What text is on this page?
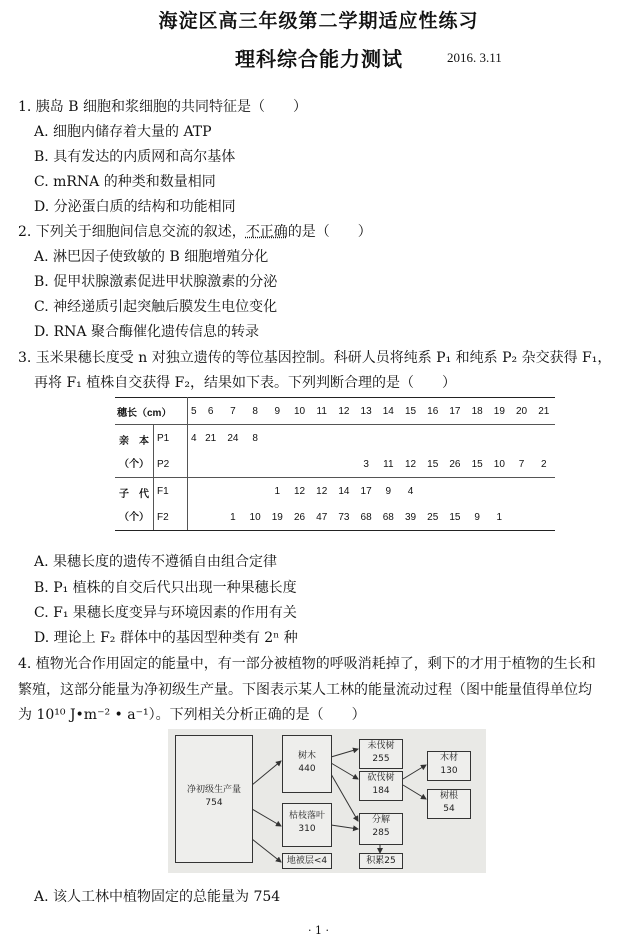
海淀区高三年级第二学期适应性练习
理科综合能力测试	2016. 3.11
1. 胰岛 B 细胞和浆细胞的共同特征是（　　）
A. 细胞内储存着大量的 ATP
B. 具有发达的内质网和高尔基体
C. mRNA 的种类和数量相同
D. 分泌蛋白质的结构和功能相同
2. 下列关于细胞间信息交流的叙述，不正确的是（　　）
A. 淋巴因子使致敏的 B 细胞增殖分化
B. 促甲状腺激素促进甲状腺激素的分泌
C. 神经递质引起突触后膜发生电位变化
D. RNA 聚合酶催化遗传信息的转录
3. 玉米果穗长度受 n 对独立遗传的等位基因控制。科研人员将纯系 P₁ 和纯系 P₂ 杂交获得 F₁，
再将 F₁ 植株自交获得 F₂，结果如下表。下列判断合理的是（　　）
穗长（cm）		5	6	7	8	9	10	11	12	13	14	15	16	17	18	19	20	21

亲　本
（个）	P1	4	21	24	8													
	P2									3	11	12	15	26	15	10	7	2

子　代
（个）	F1					1	12	12	14	17	9	4						
	F2			1	10	19	26	47	73	68	68	39	25	15	9	1		
A. 果穗长度的遗传不遵循自由组合定律
B. P₁ 植株的自交后代只出现一种果穗长度
C. F₁ 果穗长度变异与环境因素的作用有关
D. 理论上 F₂ 群体中的基因型种类有 2ⁿ 种
4. 植物光合作用固定的能量中，有一部分被植物的呼吸消耗掉了，剩下的才用于植物的生长和
繁殖，这部分能量为净初级生产量。下图表示某人工林的能量流动过程（图中能量值得单位均
为 10¹⁰ J•m⁻² • a⁻¹）。下列相关分析正确的是（　　）
净初级生产量
754
树木
440
未伐树
255
砍伐树
184
木材
130
树根
54
枯枝落叶
310
分解
285
积累25
地被层<4
A. 该人工林中植物固定的总能量为 754
· 1 ·
